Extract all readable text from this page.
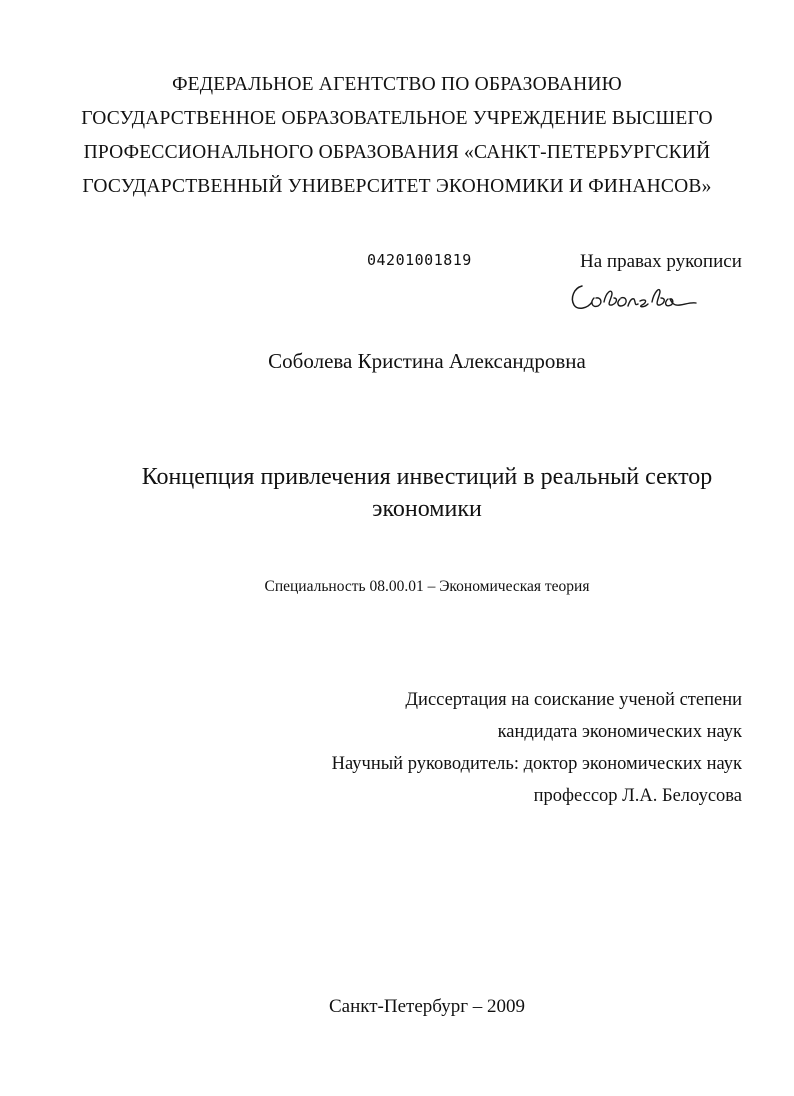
ФЕДЕРАЛЬНОЕ АГЕНТСТВО ПО ОБРАЗОВАНИЮ
ГОСУДАРСТВЕННОЕ ОБРАЗОВАТЕЛЬНОЕ УЧРЕЖДЕНИЕ ВЫСШЕГО
ПРОФЕССИОНАЛЬНОГО ОБРАЗОВАНИЯ «САНКТ-ПЕТЕРБУРГСКИЙ
ГОСУДАРСТВЕННЫЙ УНИВЕРСИТЕТ ЭКОНОМИКИ И ФИНАНСОВ»
04201001819	На правах рукописи
Соболева Кристина Александровна
Концепция привлечения инвестиций в реальный сектор
экономики
Специальность 08.00.01 – Экономическая теория
Диссертация на соискание ученой степени
кандидата экономических наук
Научный руководитель: доктор экономических наук
профессор Л.А. Белоусова
Санкт-Петербург – 2009
